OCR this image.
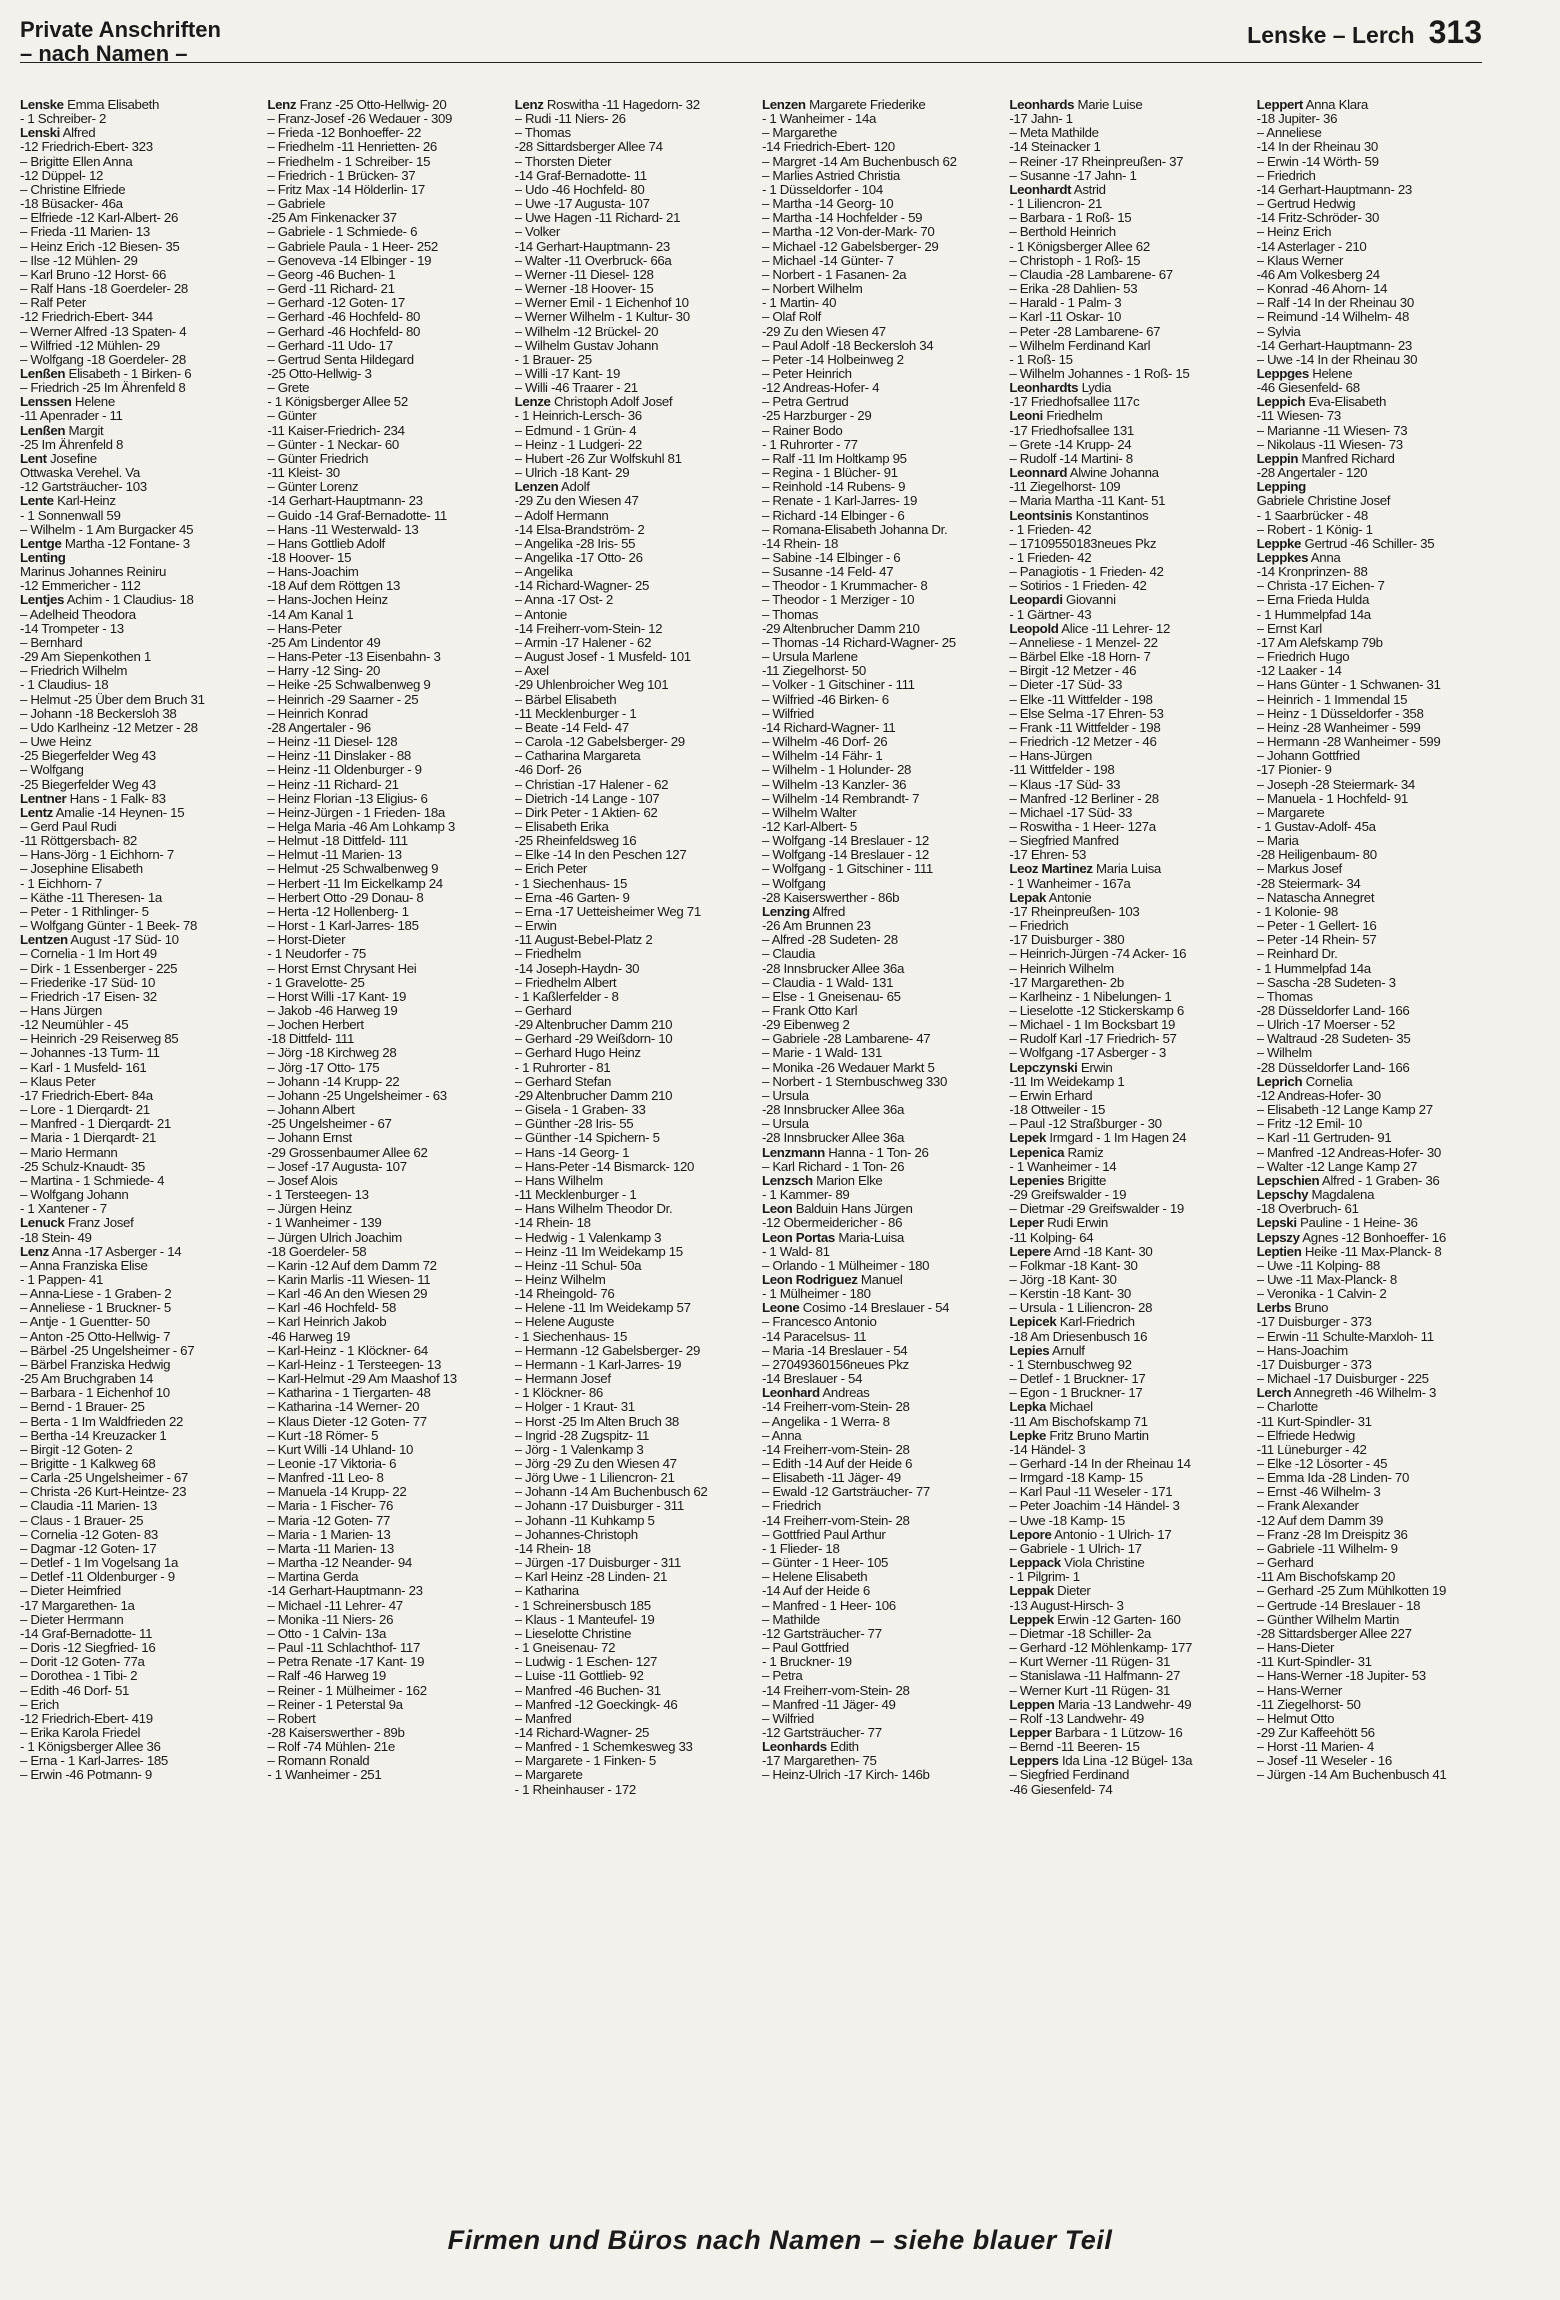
Private Anschriften
– nach Namen –
Lenske – Lerch 313
Lenske Emma Elisabeth
- 1 Schreiber- 2
Lenski Alfred
-12 Friedrich-Ebert- 323
– Brigitte Ellen Anna
-12 Düppel- 12
– Christine Elfriede
-18 Büsacker- 46a
– Elfriede -12 Karl-Albert- 26
– Frieda -11 Marien- 13
– Heinz Erich -12 Biesen- 35
– Ilse -12 Mühlen- 29
– Karl Bruno -12 Horst- 66
– Ralf Hans -18 Goerdeler- 28
– Ralf Peter
-12 Friedrich-Ebert- 344
– Werner Alfred -13 Spaten- 4
– Wilfried -12 Mühlen- 29
– Wolfgang -18 Goerdeler- 28
Lenßen Elisabeth - 1 Birken- 6
– Friedrich -25 Im Ährenfeld 8
Lenssen Helene
-11 Apenrader - 11
Lenßen Margit
-25 Im Ährenfeld 8
Lent Josefine
Ottwaska Verehel. Va
-12 Gartsträucher- 103
Lente Karl-Heinz
- 1 Sonnenwall 59
– Wilhelm - 1 Am Burgacker 45
Lentge Martha -12 Fontane- 3
Lenting
Marinus Johannes Reiniru
-12 Emmericher - 112
Lentjes Achim - 1 Claudius- 18
– Adelheid Theodora
-14 Trompeter - 13
– Bernhard
-29 Am Siepenkothen 1
– Friedrich Wilhelm
- 1 Claudius- 18
– Helmut -25 Über dem Bruch 31
– Johann -18 Beckersloh 38
– Udo Karlheinz -12 Metzer - 28
– Uwe Heinz
-25 Biegerfelder Weg 43
– Wolfgang
-25 Biegerfelder Weg 43
Lentner Hans - 1 Falk- 83
Lentz Amalie -14 Heynen- 15
– Gerd Paul Rudi
-11 Röttgersbach- 82
– Hans-Jörg - 1 Eichhorn- 7
– Josephine Elisabeth
- 1 Eichhorn- 7
– Käthe -11 Theresen- 1a
– Peter - 1 Rithlinger- 5
– Wolfgang Günter - 1 Beek- 78
Lentzen August -17 Süd- 10
– Cornelia - 1 Im Hort 49
– Dirk - 1 Essenberger - 225
– Friederike -17 Süd- 10
– Friedrich -17 Eisen- 32
– Hans Jürgen
-12 Neumühler - 45
– Heinrich -29 Reiserweg 85
– Johannes -13 Turm- 11
– Karl - 1 Musfeld- 161
– Klaus Peter
-17 Friedrich-Ebert- 84a
– Lore - 1 Dierqardt- 21
– Manfred - 1 Dierqardt- 21
– Maria - 1 Dierqardt- 21
– Mario Hermann
-25 Schulz-Knaudt- 35
– Martina - 1 Schmiede- 4
– Wolfgang Johann
- 1 Xantener - 7
Lenuck Franz Josef
-18 Stein- 49
Lenz Anna -17 Asberger - 14
– Anna Franziska Elise
- 1 Pappen- 41
– Anna-Liese - 1 Graben- 2
– Anneliese - 1 Bruckner- 5
– Antje - 1 Guentter- 50
– Anton -25 Otto-Hellwig- 7
– Bärbel -25 Ungelsheimer - 67
– Bärbel Franziska Hedwig
-25 Am Bruchgraben 14
– Barbara - 1 Eichenhof 10
– Bernd - 1 Brauer- 25
– Berta - 1 Im Waldfrieden 22
– Bertha -14 Kreuzacker 1
– Birgit -12 Goten- 2
– Brigitte - 1 Kalkweg 68
– Carla -25 Ungelsheimer - 67
– Christa -26 Kurt-Heintze- 23
– Claudia -11 Marien- 13
– Claus - 1 Brauer- 25
– Cornelia -12 Goten- 83
– Dagmar -12 Goten- 17
– Detlef - 1 Im Vogelsang 1a
– Detlef -11 Oldenburger - 9
– Dieter Heimfried
-17 Margarethen- 1a
– Dieter Herrmann
-14 Graf-Bernadotte- 11
– Doris -12 Siegfried- 16
– Dorit -12 Goten- 77a
– Dorothea - 1 Tibi- 2
– Edith -46 Dorf- 51
– Erich
-12 Friedrich-Ebert- 419
– Erika Karola Friedel
- 1 Königsberger Allee 36
– Erna - 1 Karl-Jarres- 185
– Erwin -46 Potmann- 9
Lenz Franz -25 Otto-Hellwig- 20
– Franz-Josef -26 Wedauer - 309
– Frieda -12 Bonhoeffer- 22
– Friedhelm -11 Henrietten- 26
– Friedhelm - 1 Schreiber- 15
– Friedrich - 1 Brücken- 37
– Fritz Max -14 Hölderlin- 17
– Gabriele
-25 Am Finkenacker 37
– Gabriele - 1 Schmiede- 6
– Gabriele Paula - 1 Heer- 252
– Genoveva -14 Elbinger - 19
– Georg -46 Buchen- 1
– Gerd -11 Richard- 21
– Gerhard -12 Goten- 17
– Gerhard -46 Hochfeld- 80
– Gerhard -46 Hochfeld- 80
– Gerhard -11 Udo- 17
– Gertrud Senta Hildegard
-25 Otto-Hellwig- 3
– Grete
- 1 Königsberger Allee 52
– Günter
-11 Kaiser-Friedrich- 234
– Günter - 1 Neckar- 60
– Günter Friedrich
-11 Kleist- 30
– Günter Lorenz
-14 Gerhart-Hauptmann- 23
– Guido -14 Graf-Bernadotte- 11
– Hans -11 Westerwald- 13
– Hans Gottlieb Adolf
-18 Hoover- 15
– Hans-Joachim
-18 Auf dem Röttgen 13
– Hans-Jochen Heinz
-14 Am Kanal 1
– Hans-Peter
-25 Am Lindentor 49
– Hans-Peter -13 Eisenbahn- 3
– Harry -12 Sing- 20
– Heike -25 Schwalbenweg 9
– Heinrich -29 Saarner - 25
– Heinrich Konrad
-28 Angertaler - 96
– Heinz -11 Diesel- 128
– Heinz -11 Dinslaker - 88
– Heinz -11 Oldenburger - 9
– Heinz -11 Richard- 21
– Heinz Florian -13 Eligius- 6
– Heinz-Jürgen - 1 Frieden- 18a
– Helga Maria -46 Am Lohkamp 3
– Helmut -18 Dittfeld- 111
– Helmut -11 Marien- 13
– Helmut -25 Schwalbenweg 9
– Herbert -11 Im Eickelkamp 24
– Herbert Otto -29 Donau- 8
– Herta -12 Hollenberg- 1
– Horst - 1 Karl-Jarres- 185
– Horst-Dieter
- 1 Neudorfer - 75
– Horst Ernst Chrysant Hei
- 1 Gravelotte- 25
– Horst Willi -17 Kant- 19
– Jakob -46 Harweg 19
– Jochen Herbert
-18 Dittfeld- 111
– Jörg -18 Kirchweg 28
– Jörg -17 Otto- 175
– Johann -14 Krupp- 22
– Johann -25 Ungelsheimer - 63
– Johann Albert
-25 Ungelsheimer - 67
– Johann Ernst
-29 Grossenbaumer Allee 62
– Josef -17 Augusta- 107
– Josef Alois
- 1 Tersteegen- 13
– Jürgen Heinz
- 1 Wanheimer - 139
– Jürgen Ulrich Joachim
-18 Goerdeler- 58
– Karin -12 Auf dem Damm 72
– Karin Marlis -11 Wiesen- 11
– Karl -46 An den Wiesen 29
– Karl -46 Hochfeld- 58
– Karl Heinrich Jakob
-46 Harweg 19
– Karl-Heinz - 1 Klöckner- 64
– Karl-Heinz - 1 Tersteegen- 13
– Karl-Helmut -29 Am Maashof 13
– Katharina - 1 Tiergarten- 48
– Katharina -14 Werner- 20
– Klaus Dieter -12 Goten- 77
– Kurt -18 Römer- 5
– Kurt Willi -14 Uhland- 10
– Leonie -17 Viktoria- 6
– Manfred -11 Leo- 8
– Manuela -14 Krupp- 22
– Maria - 1 Fischer- 76
– Maria -12 Goten- 77
– Maria - 1 Marien- 13
– Marta -11 Marien- 13
– Martha -12 Neander- 94
– Martina Gerda
-14 Gerhart-Hauptmann- 23
– Michael -11 Lehrer- 47
– Monika -11 Niers- 26
– Otto - 1 Calvin- 13a
– Paul -11 Schlachthof- 117
– Petra Renate -17 Kant- 19
– Ralf -46 Harweg 19
– Reiner - 1 Mülheimer - 162
– Reiner - 1 Peterstal 9a
– Robert
-28 Kaiserswerther - 89b
– Rolf -74 Mühlen- 21e
– Romann Ronald
- 1 Wanheimer - 251
Lenz Roswitha -11 Hagedorn- 32
– Rudi -11 Niers- 26
– Thomas
-28 Sittardsberger Allee 74
– Thorsten Dieter
-14 Graf-Bernadotte- 11
– Udo -46 Hochfeld- 80
– Uwe -17 Augusta- 107
– Uwe Hagen -11 Richard- 21
– Volker
-14 Gerhart-Hauptmann- 23
– Walter -11 Overbruck- 66a
– Werner -11 Diesel- 128
– Werner -18 Hoover- 15
– Werner Emil - 1 Eichenhof 10
– Werner Wilhelm - 1 Kultur- 30
– Wilhelm -12 Brückel- 20
– Wilhelm Gustav Johann
- 1 Brauer- 25
– Willi -17 Kant- 19
– Willi -46 Traarer - 21
Lenze Christoph Adolf Josef
- 1 Heinrich-Lersch- 36
– Edmund - 1 Grün- 4
– Heinz - 1 Ludgeri- 22
– Hubert -26 Zur Wolfskuhl 81
– Ulrich -18 Kant- 29
Lenzen Adolf
-29 Zu den Wiesen 47
– Adolf Hermann
-14 Elsa-Brandström- 2
– Angelika -28 Iris- 55
– Angelika -17 Otto- 26
– Angelika
-14 Richard-Wagner- 25
– Anna -17 Ost- 2
– Antonie
-14 Freiherr-vom-Stein- 12
– Armin -17 Halener - 62
– August Josef - 1 Musfeld- 101
– Axel
-29 Uhlenbroicher Weg 101
– Bärbel Elisabeth
-11 Mecklenburger - 1
– Beate -14 Feld- 47
– Carola -12 Gabelsberger- 29
– Catharina Margareta
-46 Dorf- 26
– Christian -17 Halener - 62
– Dietrich -14 Lange - 107
– Dirk Peter - 1 Aktien- 62
– Elisabeth Erika
-25 Rheinfeldsweg 16
– Elke -14 In den Peschen 127
– Erich Peter
- 1 Siechenhaus- 15
– Erna -46 Garten- 9
– Erna -17 Uetteisheimer Weg 71
– Erwin
-11 August-Bebel-Platz 2
– Friedhelm
-14 Joseph-Haydn- 30
– Friedhelm Albert
- 1 Kaßlerfelder - 8
– Gerhard
-29 Altenbrucher Damm 210
– Gerhard -29 Weißdorn- 10
– Gerhard Hugo Heinz
- 1 Ruhrorter - 81
– Gerhard Stefan
-29 Altenbrucher Damm 210
– Gisela - 1 Graben- 33
– Günther -28 Iris- 55
– Günther -14 Spichern- 5
– Hans -14 Georg- 1
– Hans-Peter -14 Bismarck- 120
– Hans Wilhelm
-11 Mecklenburger - 1
– Hans Wilhelm Theodor Dr.
-14 Rhein- 18
– Hedwig - 1 Valenkamp 3
– Heinz -11 Im Weidekamp 15
– Heinz -11 Schul- 50a
– Heinz Wilhelm
-14 Rheingold- 76
– Helene -11 Im Weidekamp 57
– Helene Auguste
- 1 Siechenhaus- 15
– Hermann -12 Gabelsberger- 29
– Hermann - 1 Karl-Jarres- 19
– Hermann Josef
- 1 Klöckner- 86
– Holger - 1 Kraut- 31
– Horst -25 Im Alten Bruch 38
– Ingrid -28 Zugspitz- 11
– Jörg - 1 Valenkamp 3
– Jörg -29 Zu den Wiesen 47
– Jörg Uwe - 1 Liliencron- 21
– Johann -14 Am Buchenbusch 62
– Johann -17 Duisburger - 311
– Johann -11 Kuhkamp 5
– Johannes-Christoph
-14 Rhein- 18
– Jürgen -17 Duisburger - 311
– Karl Heinz -28 Linden- 21
– Katharina
- 1 Schreinersbusch 185
– Klaus - 1 Manteufel- 19
– Lieselotte Christine
- 1 Gneisenau- 72
– Ludwig - 1 Eschen- 127
– Luise -11 Gottlieb- 92
– Manfred -46 Buchen- 31
– Manfred -12 Goeckingk- 46
– Manfred
-14 Richard-Wagner- 25
– Manfred - 1 Schemkesweg 33
– Margarete - 1 Finken- 5
– Margarete
- 1 Rheinhauser - 172
Lenzen Margarete Friederike
- 1 Wanheimer - 14a
– Margarethe
-14 Friedrich-Ebert- 120
– Margret -14 Am Buchenbusch 62
– Marlies Astried Christia
- 1 Düsseldorfer - 104
– Martha -14 Georg- 10
– Martha -14 Hochfelder - 59
– Martha -12 Von-der-Mark- 70
– Michael -12 Gabelsberger- 29
– Michael -14 Günter- 7
– Norbert - 1 Fasanen- 2a
– Norbert Wilhelm
- 1 Martin- 40
– Olaf Rolf
-29 Zu den Wiesen 47
– Paul Adolf -18 Beckersloh 34
– Peter -14 Holbeinweg 2
– Peter Heinrich
-12 Andreas-Hofer- 4
– Petra Gertrud
-25 Harzburger - 29
– Rainer Bodo
- 1 Ruhrorter - 77
– Ralf -11 Im Holtkamp 95
– Regina - 1 Blücher- 91
– Reinhold -14 Rubens- 9
– Renate - 1 Karl-Jarres- 19
– Richard -14 Elbinger - 6
– Romana-Elisabeth Johanna Dr.
-14 Rhein- 18
– Sabine -14 Elbinger - 6
– Susanne -14 Feld- 47
– Theodor - 1 Krummacher- 8
– Theodor - 1 Merziger - 10
– Thomas
-29 Altenbrucher Damm 210
– Thomas -14 Richard-Wagner- 25
– Ursula Marlene
-11 Ziegelhorst- 50
– Volker - 1 Gitschiner - 111
– Wilfried -46 Birken- 6
– Wilfried
-14 Richard-Wagner- 11
– Wilhelm -46 Dorf- 26
– Wilhelm -14 Fähr- 1
– Wilhelm - 1 Holunder- 28
– Wilhelm -13 Kanzler- 36
– Wilhelm -14 Rembrandt- 7
– Wilhelm Walter
-12 Karl-Albert- 5
– Wolfgang -14 Breslauer - 12
– Wolfgang -14 Breslauer - 12
– Wolfgang - 1 Gitschiner - 111
– Wolfgang
-28 Kaiserswerther - 86b
Lenzing Alfred
-26 Am Brunnen 23
– Alfred -28 Sudeten- 28
– Claudia
-28 Innsbrucker Allee 36a
– Claudia - 1 Wald- 131
– Else - 1 Gneisenau- 65
– Frank Otto Karl
-29 Eibenweg 2
– Gabriele -28 Lambarene- 47
– Marie - 1 Wald- 131
– Monika -26 Wedauer Markt 5
– Norbert - 1 Sternbuschweg 330
– Ursula
-28 Innsbrucker Allee 36a
– Ursula
-28 Innsbrucker Allee 36a
Lenzmann Hanna - 1 Ton- 26
– Karl Richard - 1 Ton- 26
Lenzsch Marion Elke
- 1 Kammer- 89
Leon Balduin Hans Jürgen
-12 Obermeidericher - 86
Leon Portas Maria-Luisa
- 1 Wald- 81
– Orlando - 1 Mülheimer - 180
Leon Rodriguez Manuel
- 1 Mülheimer - 180
Leone Cosimo -14 Breslauer - 54
– Francesco Antonio
-14 Paracelsus- 11
– Maria -14 Breslauer - 54
– 27049360156neues Pkz
-14 Breslauer - 54
Leonhard Andreas
-14 Freiherr-vom-Stein- 28
– Angelika - 1 Werra- 8
– Anna
-14 Freiherr-vom-Stein- 28
– Edith -14 Auf der Heide 6
– Elisabeth -11 Jäger- 49
– Ewald -12 Gartsträucher- 77
– Friedrich
-14 Freiherr-vom-Stein- 28
– Gottfried Paul Arthur
- 1 Flieder- 18
– Günter - 1 Heer- 105
– Helene Elisabeth
-14 Auf der Heide 6
– Manfred - 1 Heer- 106
– Mathilde
-12 Gartsträucher- 77
– Paul Gottfried
- 1 Bruckner- 19
– Petra
-14 Freiherr-vom-Stein- 28
– Manfred -11 Jäger- 49
– Wilfried
-12 Gartsträucher- 77
Leonhards Edith
-17 Margarethen- 75
– Heinz-Ulrich -17 Kirch- 146b
Leonhards Marie Luise
-17 Jahn- 1
– Meta Mathilde
-14 Steinacker 1
– Reiner -17 Rheinpreußen- 37
– Susanne -17 Jahn- 1
Leonhardt Astrid
- 1 Liliencron- 21
– Barbara - 1 Roß- 15
– Berthold Heinrich
- 1 Königsberger Allee 62
– Christoph - 1 Roß- 15
– Claudia -28 Lambarene- 67
– Erika -28 Dahlien- 53
– Harald - 1 Palm- 3
– Karl -11 Oskar- 10
– Peter -28 Lambarene- 67
– Wilhelm Ferdinand Karl
- 1 Roß- 15
– Wilhelm Johannes - 1 Roß- 15
Leonhardts Lydia
-17 Friedhofsallee 117c
Leoni Friedhelm
-17 Friedhofsallee 131
– Grete -14 Krupp- 24
– Rudolf -14 Martini- 8
Leonnard Alwine Johanna
-11 Ziegelhorst- 109
– Maria Martha -11 Kant- 51
Leontsinis Konstantinos
- 1 Frieden- 42
– 17109550183neues Pkz
- 1 Frieden- 42
– Panagiotis - 1 Frieden- 42
– Sotirios - 1 Frieden- 42
Leopardi Giovanni
- 1 Gärtner- 43
Leopold Alice -11 Lehrer- 12
– Anneliese - 1 Menzel- 22
– Bärbel Elke -18 Horn- 7
– Birgit -12 Metzer - 46
– Dieter -17 Süd- 33
– Elke -11 Wittfelder - 198
– Else Selma -17 Ehren- 53
– Frank -11 Wittfelder - 198
– Friedrich -12 Metzer - 46
– Hans-Jürgen
-11 Wittfelder - 198
– Klaus -17 Süd- 33
– Manfred -12 Berliner - 28
– Michael -17 Süd- 33
– Roswitha - 1 Heer- 127a
– Siegfried Manfred
-17 Ehren- 53
Leoz Martinez Maria Luisa
- 1 Wanheimer - 167a
Lepak Antonie
-17 Rheinpreußen- 103
– Friedrich
-17 Duisburger - 380
– Heinrich-Jürgen -74 Acker- 16
– Heinrich Wilhelm
-17 Margarethen- 2b
– Karlheinz - 1 Nibelungen- 1
– Lieselotte -12 Stickerskamp 6
– Michael - 1 Im Bocksbart 19
– Rudolf Karl -17 Friedrich- 57
– Wolfgang -17 Asberger - 3
Lepczynski Erwin
-11 Im Weidekamp 1
– Erwin Erhard
-18 Ottweiler - 15
– Paul -12 Straßburger - 30
Lepek Irmgard - 1 Im Hagen 24
Lepenica Ramiz
- 1 Wanheimer - 14
Lepenies Brigitte
-29 Greifswalder - 19
– Dietmar -29 Greifswalder - 19
Leper Rudi Erwin
-11 Kolping- 64
Lepere Arnd -18 Kant- 30
– Folkmar -18 Kant- 30
– Jörg -18 Kant- 30
– Kerstin -18 Kant- 30
– Ursula - 1 Liliencron- 28
Lepicek Karl-Friedrich
-18 Am Driesenbusch 16
Lepies Arnulf
- 1 Sternbuschweg 92
– Detlef - 1 Bruckner- 17
– Egon - 1 Bruckner- 17
Lepka Michael
-11 Am Bischofskamp 71
Lepke Fritz Bruno Martin
-14 Händel- 3
– Gerhard -14 In der Rheinau 14
– Irmgard -18 Kamp- 15
– Karl Paul -11 Weseler - 171
– Peter Joachim -14 Händel- 3
– Uwe -18 Kamp- 15
Lepore Antonio - 1 Ulrich- 17
– Gabriele - 1 Ulrich- 17
Leppack Viola Christine
- 1 Pilgrim- 1
Leppak Dieter
-13 August-Hirsch- 3
Leppek Erwin -12 Garten- 160
– Dietmar -18 Schiller- 2a
– Gerhard -12 Möhlenkamp- 177
– Kurt Werner -11 Rügen- 31
– Stanislawa -11 Halfmann- 27
– Werner Kurt -11 Rügen- 31
Leppen Maria -13 Landwehr- 49
– Rolf -13 Landwehr- 49
Lepper Barbara - 1 Lützow- 16
– Bernd -11 Beeren- 15
Leppers Ida Lina -12 Bügel- 13a
– Siegfried Ferdinand
-46 Giesenfeld- 74
Leppert Anna Klara
-18 Jupiter- 36
– Anneliese
-14 In der Rheinau 30
– Erwin -14 Wörth- 59
– Friedrich
-14 Gerhart-Hauptmann- 23
– Gertrud Hedwig
-14 Fritz-Schröder- 30
– Heinz Erich
-14 Asterlager - 210
– Klaus Werner
-46 Am Volkesberg 24
– Konrad -46 Ahorn- 14
– Ralf -14 In der Rheinau 30
– Reimund -14 Wilhelm- 48
– Sylvia
-14 Gerhart-Hauptmann- 23
– Uwe -14 In der Rheinau 30
Leppges Helene
-46 Giesenfeld- 68
Leppich Eva-Elisabeth
-11 Wiesen- 73
– Marianne -11 Wiesen- 73
– Nikolaus -11 Wiesen- 73
Leppin Manfred Richard
-28 Angertaler - 120
Lepping
Gabriele Christine Josef
- 1 Saarbrücker - 48
– Robert - 1 König- 1
Leppke Gertrud -46 Schiller- 35
Leppkes Anna
-14 Kronprinzen- 88
– Christa -17 Eichen- 7
– Erna Frieda Hulda
- 1 Hummelpfad 14a
– Ernst Karl
-17 Am Alefskamp 79b
– Friedrich Hugo
-12 Laaker - 14
– Hans Günter - 1 Schwanen- 31
– Heinrich - 1 Immendal 15
– Heinz - 1 Düsseldorfer - 358
– Heinz -28 Wanheimer - 599
– Hermann -28 Wanheimer - 599
– Johann Gottfried
-17 Pionier- 9
– Joseph -28 Steiermark- 34
– Manuela - 1 Hochfeld- 91
– Margarete
- 1 Gustav-Adolf- 45a
– Maria
-28 Heiligenbaum- 80
– Markus Josef
-28 Steiermark- 34
– Natascha Annegret
- 1 Kolonie- 98
– Peter - 1 Gellert- 16
– Peter -14 Rhein- 57
– Reinhard Dr.
- 1 Hummelpfad 14a
– Sascha -28 Sudeten- 3
– Thomas
-28 Düsseldorfer Land- 166
– Ulrich -17 Moerser - 52
– Waltraud -28 Sudeten- 35
– Wilhelm
-28 Düsseldorfer Land- 166
Leprich Cornelia
-12 Andreas-Hofer- 30
– Elisabeth -12 Lange Kamp 27
– Fritz -12 Emil- 10
– Karl -11 Gertruden- 91
– Manfred -12 Andreas-Hofer- 30
– Walter -12 Lange Kamp 27
Lepschien Alfred - 1 Graben- 36
Lepschy Magdalena
-18 Overbruch- 61
Lepski Pauline - 1 Heine- 36
Lepszy Agnes -12 Bonhoeffer- 16
Leptien Heike -11 Max-Planck- 8
– Uwe -11 Kolping- 88
– Uwe -11 Max-Planck- 8
– Veronika - 1 Calvin- 2
Lerbs Bruno
-17 Duisburger - 373
– Erwin -11 Schulte-Marxloh- 11
– Hans-Joachim
-17 Duisburger - 373
– Michael -17 Duisburger - 225
Lerch Annegreth -46 Wilhelm- 3
– Charlotte
-11 Kurt-Spindler- 31
– Elfriede Hedwig
-11 Lüneburger - 42
– Elke -12 Lösorter - 45
– Emma Ida -28 Linden- 70
– Ernst -46 Wilhelm- 3
– Frank Alexander
-12 Auf dem Damm 39
– Franz -28 Im Dreispitz 36
– Gabriele -11 Wilhelm- 9
– Gerhard
-11 Am Bischofskamp 20
– Gerhard -25 Zum Mühlkotten 19
– Gertrude -14 Breslauer - 18
– Günther Wilhelm Martin
-28 Sittardsberger Allee 227
– Hans-Dieter
-11 Kurt-Spindler- 31
– Hans-Werner -18 Jupiter- 53
– Hans-Werner
-11 Ziegelhorst- 50
– Helmut Otto
-29 Zur Kaffeehött 56
– Horst -11 Marien- 4
– Josef -11 Weseler - 16
– Jürgen -14 Am Buchenbusch 41
Firmen und Büros nach Namen – siehe blauer Teil
